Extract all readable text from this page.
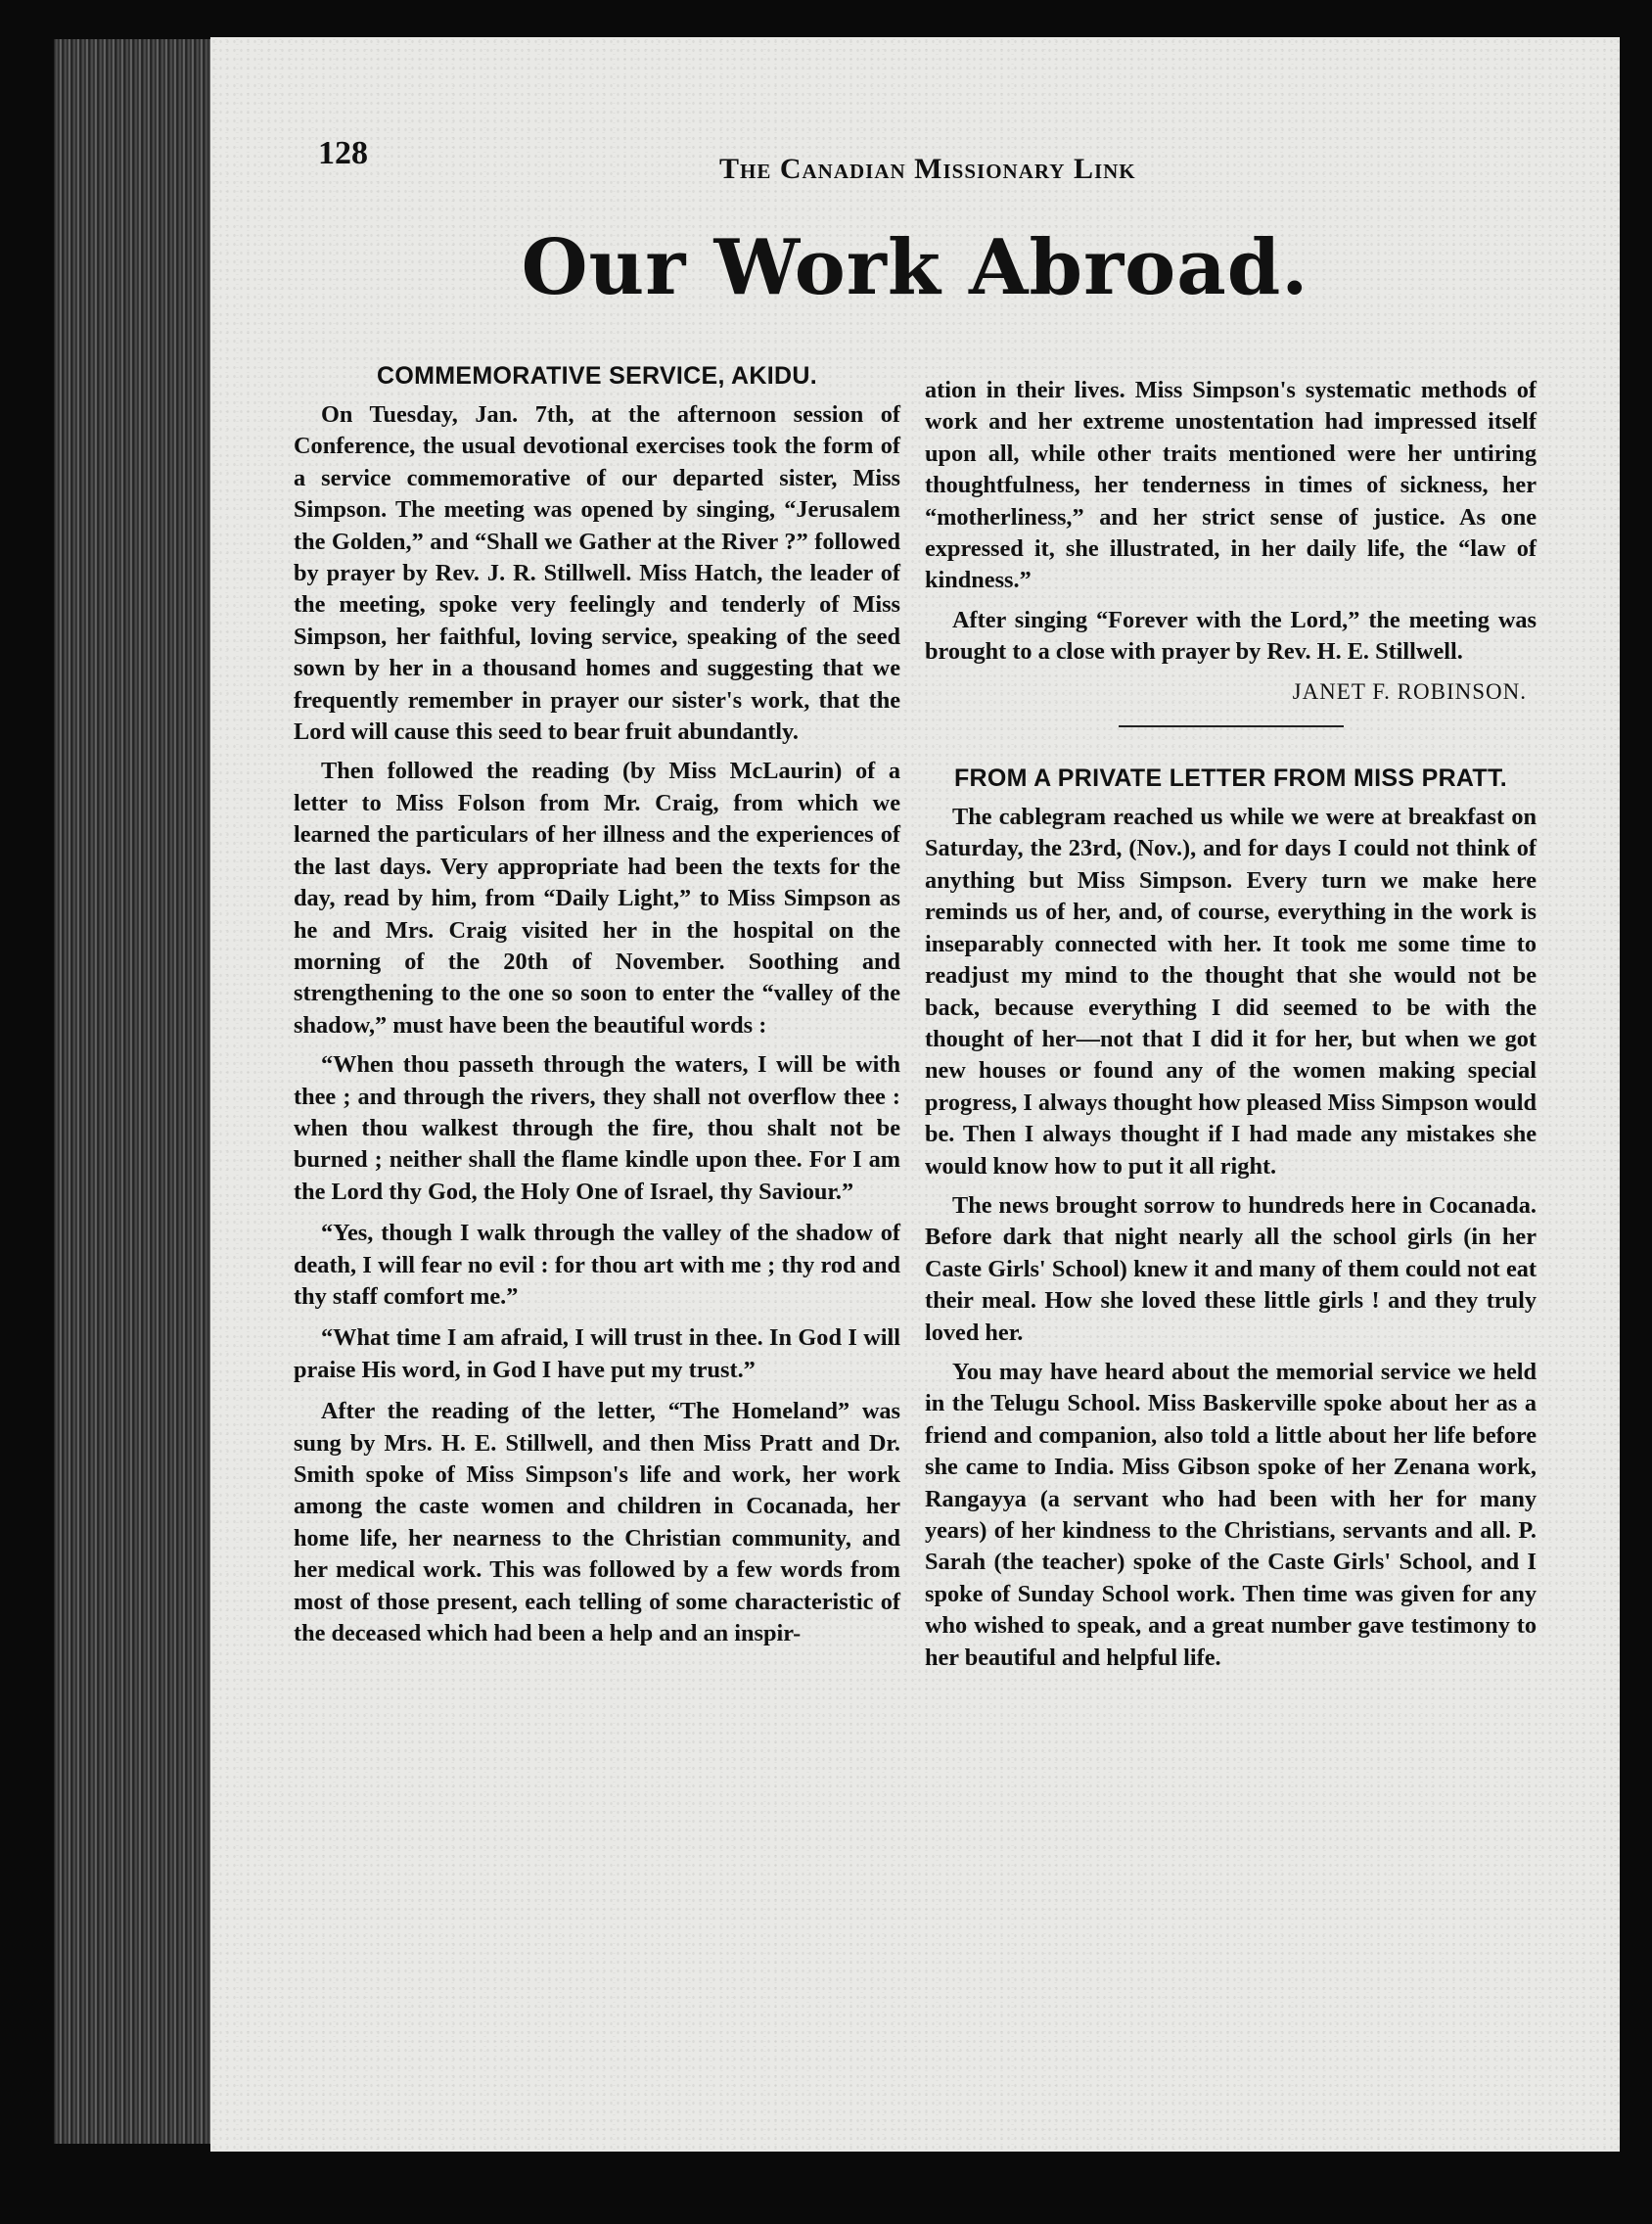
128	The Canadian Missionary Link
Our Work Abroad.
COMMEMORATIVE SERVICE, AKIDU.

On Tuesday, Jan. 7th, at the afternoon session of Conference, the usual devotional exercises took the form of a service commemorative of our departed sister, Miss Simpson. The meeting was opened by singing, “Jerusalem the Golden,” and “Shall we Gather at the River ?” followed by prayer by Rev. J. R. Stillwell. Miss Hatch, the leader of the meeting, spoke very feelingly and tenderly of Miss Simpson, her faithful, loving service, speaking of the seed sown by her in a thousand homes and suggesting that we frequently remember in prayer our sister's work, that the Lord will cause this seed to bear fruit abundantly.

Then followed the reading (by Miss McLaurin) of a letter to Miss Folson from Mr. Craig, from which we learned the particulars of her illness and the experiences of the last days. Very appropriate had been the texts for the day, read by him, from “Daily Light,” to Miss Simpson as he and Mrs. Craig visited her in the hospital on the morning of the 20th of November. Soothing and strengthening to the one so soon to enter the “valley of the shadow,” must have been the beautiful words :

“When thou passeth through the waters, I will be with thee ; and through the rivers, they shall not overflow thee : when thou walkest through the fire, thou shalt not be burned ; neither shall the flame kindle upon thee. For I am the Lord thy God, the Holy One of Israel, thy Saviour.”

“Yes, though I walk through the valley of the shadow of death, I will fear no evil : for thou art with me ; thy rod and thy staff comfort me.”

“What time I am afraid, I will trust in thee. In God I will praise His word, in God I have put my trust.”

After the reading of the letter, “The Homeland” was sung by Mrs. H. E. Stillwell, and then Miss Pratt and Dr. Smith spoke of Miss Simpson's life and work, her work among the caste women and children in Cocanada, her home life, her nearness to the Christian community, and her medical work. This was followed by a few words from most of those present, each telling of some characteristic of the deceased which had been a help and an inspir-

ation in their lives. Miss Simpson's systematic methods of work and her extreme unostentation had impressed itself upon all, while other traits mentioned were her untiring thoughtfulness, her tenderness in times of sickness, her “motherliness,” and her strict sense of justice. As one expressed it, she illustrated, in her daily life, the “law of kindness.”

After singing “Forever with the Lord,” the meeting was brought to a close with prayer by Rev. H. E. Stillwell.

JANET F. ROBINSON.
FROM A PRIVATE LETTER FROM MISS PRATT.

The cablegram reached us while we were at breakfast on Saturday, the 23rd, (Nov.), and for days I could not think of anything but Miss Simpson. Every turn we make here reminds us of her, and, of course, everything in the work is inseparably connected with her. It took me some time to readjust my mind to the thought that she would not be back, because everything I did seemed to be with the thought of her—not that I did it for her, but when we got new houses or found any of the women making special progress, I always thought how pleased Miss Simpson would be. Then I always thought if I had made any mistakes she would know how to put it all right.

The news brought sorrow to hundreds here in Cocanada. Before dark that night nearly all the school girls (in her Caste Girls' School) knew it and many of them could not eat their meal. How she loved these little girls ! and they truly loved her.

You may have heard about the memorial service we held in the Telugu School. Miss Baskerville spoke about her as a friend and companion, also told a little about her life before she came to India. Miss Gibson spoke of her Zenana work, Rangayya (a servant who had been with her for many years) of her kindness to the Christians, servants and all. P. Sarah (the teacher) spoke of the Caste Girls' School, and I spoke of Sunday School work. Then time was given for any who wished to speak, and a great number gave testimony to her beautiful and helpful life.
